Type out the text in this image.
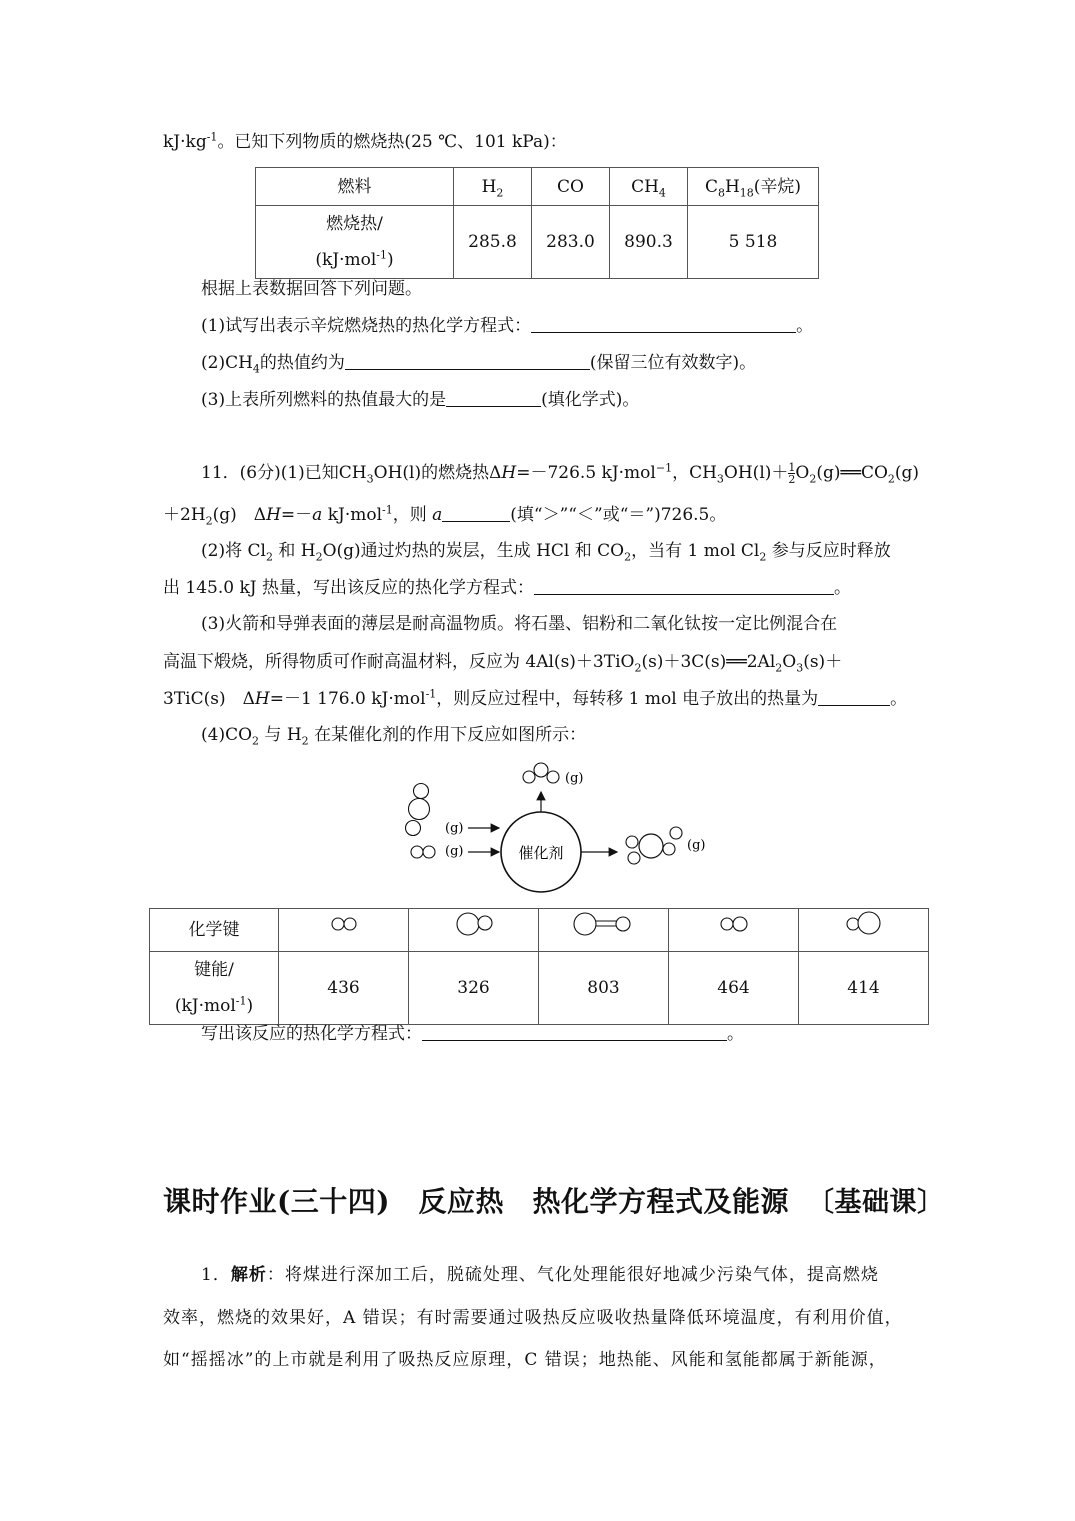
$kJ\cdot kg^{-1}$。已知下列物质的燃烧热(25 ℃、101 kPa)：
燃料	$H_2$	CO	$CH_4$	$C_8H_{18}$(辛烷)

燃烧热/
(kJ·mol$^{-1}$)	285.8	283.0	890.3	5 518
根据上表数据回答下列问题。
(1)试写出表示辛烷燃烧热的热化学方程式：	。
$(2)CH_4$的热值约为	(保留三位有效数字)。
(3)上表所列燃料的热值最大的是	(填化学式)。
11．(6分)(1)已知$CH_3OH(l)$的燃烧热ΔH=－726.5 kJ·mol$^{-1}$，$CH_3OH(l)+ \frac{1}{2}$ $O_2(g)══CO_2(g)$
$+2H_2(g)$　ΔH=－a kJ·mol$^{-1}$，则 a	(填“＞”“＜”或“＝”)726.5。
(2)将 $Cl_2$ 和 $H_2O(g)$通过灼热的炭层，生成 HCl 和 $CO_2$，当有 1 mol $Cl_2$ 参与反应时释放
出 145.0 kJ 热量，写出该反应的热化学方程式：	。
(3)火箭和导弹表面的薄层是耐高温物质。将石墨、铝粉和二氧化钛按一定比例混合在
高温下煅烧，所得物质可作耐高温材料，反应为 $4Al(s)+3TiO_2(s)+3C(s)══2Al_2O_3(s)+$
3TiC(s)　ΔH=－1 176.0 kJ·mol$^{-1}$，则反应过程中，每转移 1 mol 电子放出的热量为	。
$(4)CO_2$ 与 $H_2$ 在某催化剂的作用下反应如图所示：
(g)
(g)	催化剂
(g)
(g)
化学键					

键能/
(kJ·mol$^{-1}$)	436	326	803	464	414
写出该反应的热化学方程式：	。
课时作业(三十四)　反应热　热化学方程式及能源 〔基础课〕
1．解析：将煤进行深加工后，脱硫处理、气化处理能很好地减少污染气体，提高燃烧
效率，燃烧的效果好，A 错误；有时需要通过吸热反应吸收热量降低环境温度，有利用价值，
如“摇摇冰”的上市就是利用了吸热反应原理，C 错误；地热能、风能和氢能都属于新能源，
